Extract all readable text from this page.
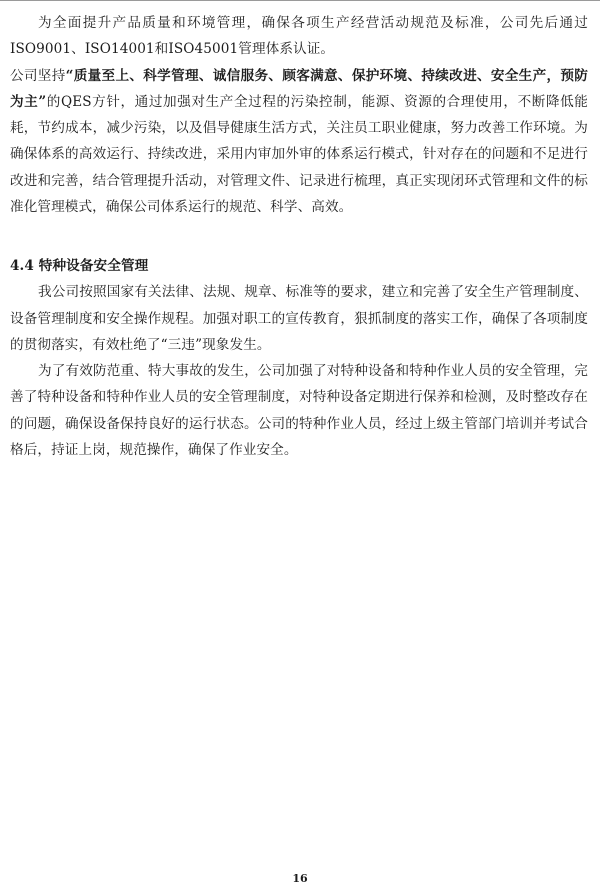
为全面提升产品质量和环境管理，确保各项生产经营活动规范及标准，公司先后通过ISO9001、ISO14001和ISO45001管理体系认证。

公司坚持“质量至上、科学管理、诚信服务、顾客满意、保护环境、持续改进、安全生产，预防为主”的QES方针，通过加强对生产全过程的污染控制，能源、资源的合理使用，不断降低能耗，节约成本，减少污染，以及倡导健康生活方式，关注员工职业健康，努力改善工作环境。为确保体系的高效运行、持续改进，采用内审加外审的体系运行模式，针对存在的问题和不足进行改进和完善，结合管理提升活动，对管理文件、记录进行梳理，真正实现闭环式管理和文件的标准化管理模式，确保公司体系运行的规范、科学、高效。

4.4 特种设备安全管理

我公司按照国家有关法律、法规、规章、标准等的要求，建立和完善了安全生产管理制度、设备管理制度和安全操作规程。加强对职工的宣传教育，狠抓制度的落实工作，确保了各项制度的贯彻落实，有效杜绝了“三违”现象发生。

为了有效防范重、特大事故的发生，公司加强了对特种设备和特种作业人员的安全管理，完善了特种设备和特种作业人员的安全管理制度，对特种设备定期进行保养和检测，及时整改存在的问题，确保设备保持良好的运行状态。公司的特种作业人员，经过上级主管部门培训并考试合格后，持证上岗，规范操作，确保了作业安全。

16
